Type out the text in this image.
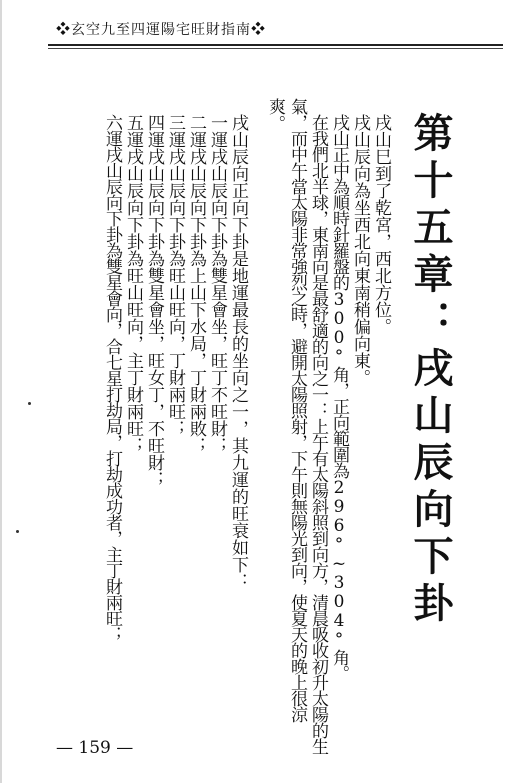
❖玄空九至四運陽宅旺財指南❖
第十五章：戌山辰向下卦
戌山巳到了乾宮，西北方位。
戌山辰向為坐西北向東南稍偏向東。
戌山正中為順時針羅盤的300°角，正向範圍為296°~304°角。
在我們北半球，東南向是最舒適的向之一：上午有太陽斜照到向方，清晨吸收初升太陽的生
氣，而中午當太陽非常強烈之時，避開太陽照射，下午則無陽光到向，使夏天的晚上很涼
爽。
戌山辰向正向下卦是地運最長的坐向之一，其九運的旺衰如下：
一運戌山辰向下卦為雙星會坐，旺丁不旺財；
二運戌山辰向下卦為上山下水局，丁財兩敗；
三運戌山辰向下卦為旺山旺向，丁財兩旺；
四運戌山辰向下卦為雙星會坐，旺女丁，不旺財；
五運戌山辰向下卦為旺山旺向，主丁財兩旺；
六運戌山辰向下卦為雙星會向，合七星打劫局，打劫成功者，主丁財兩旺；
— 159 —
